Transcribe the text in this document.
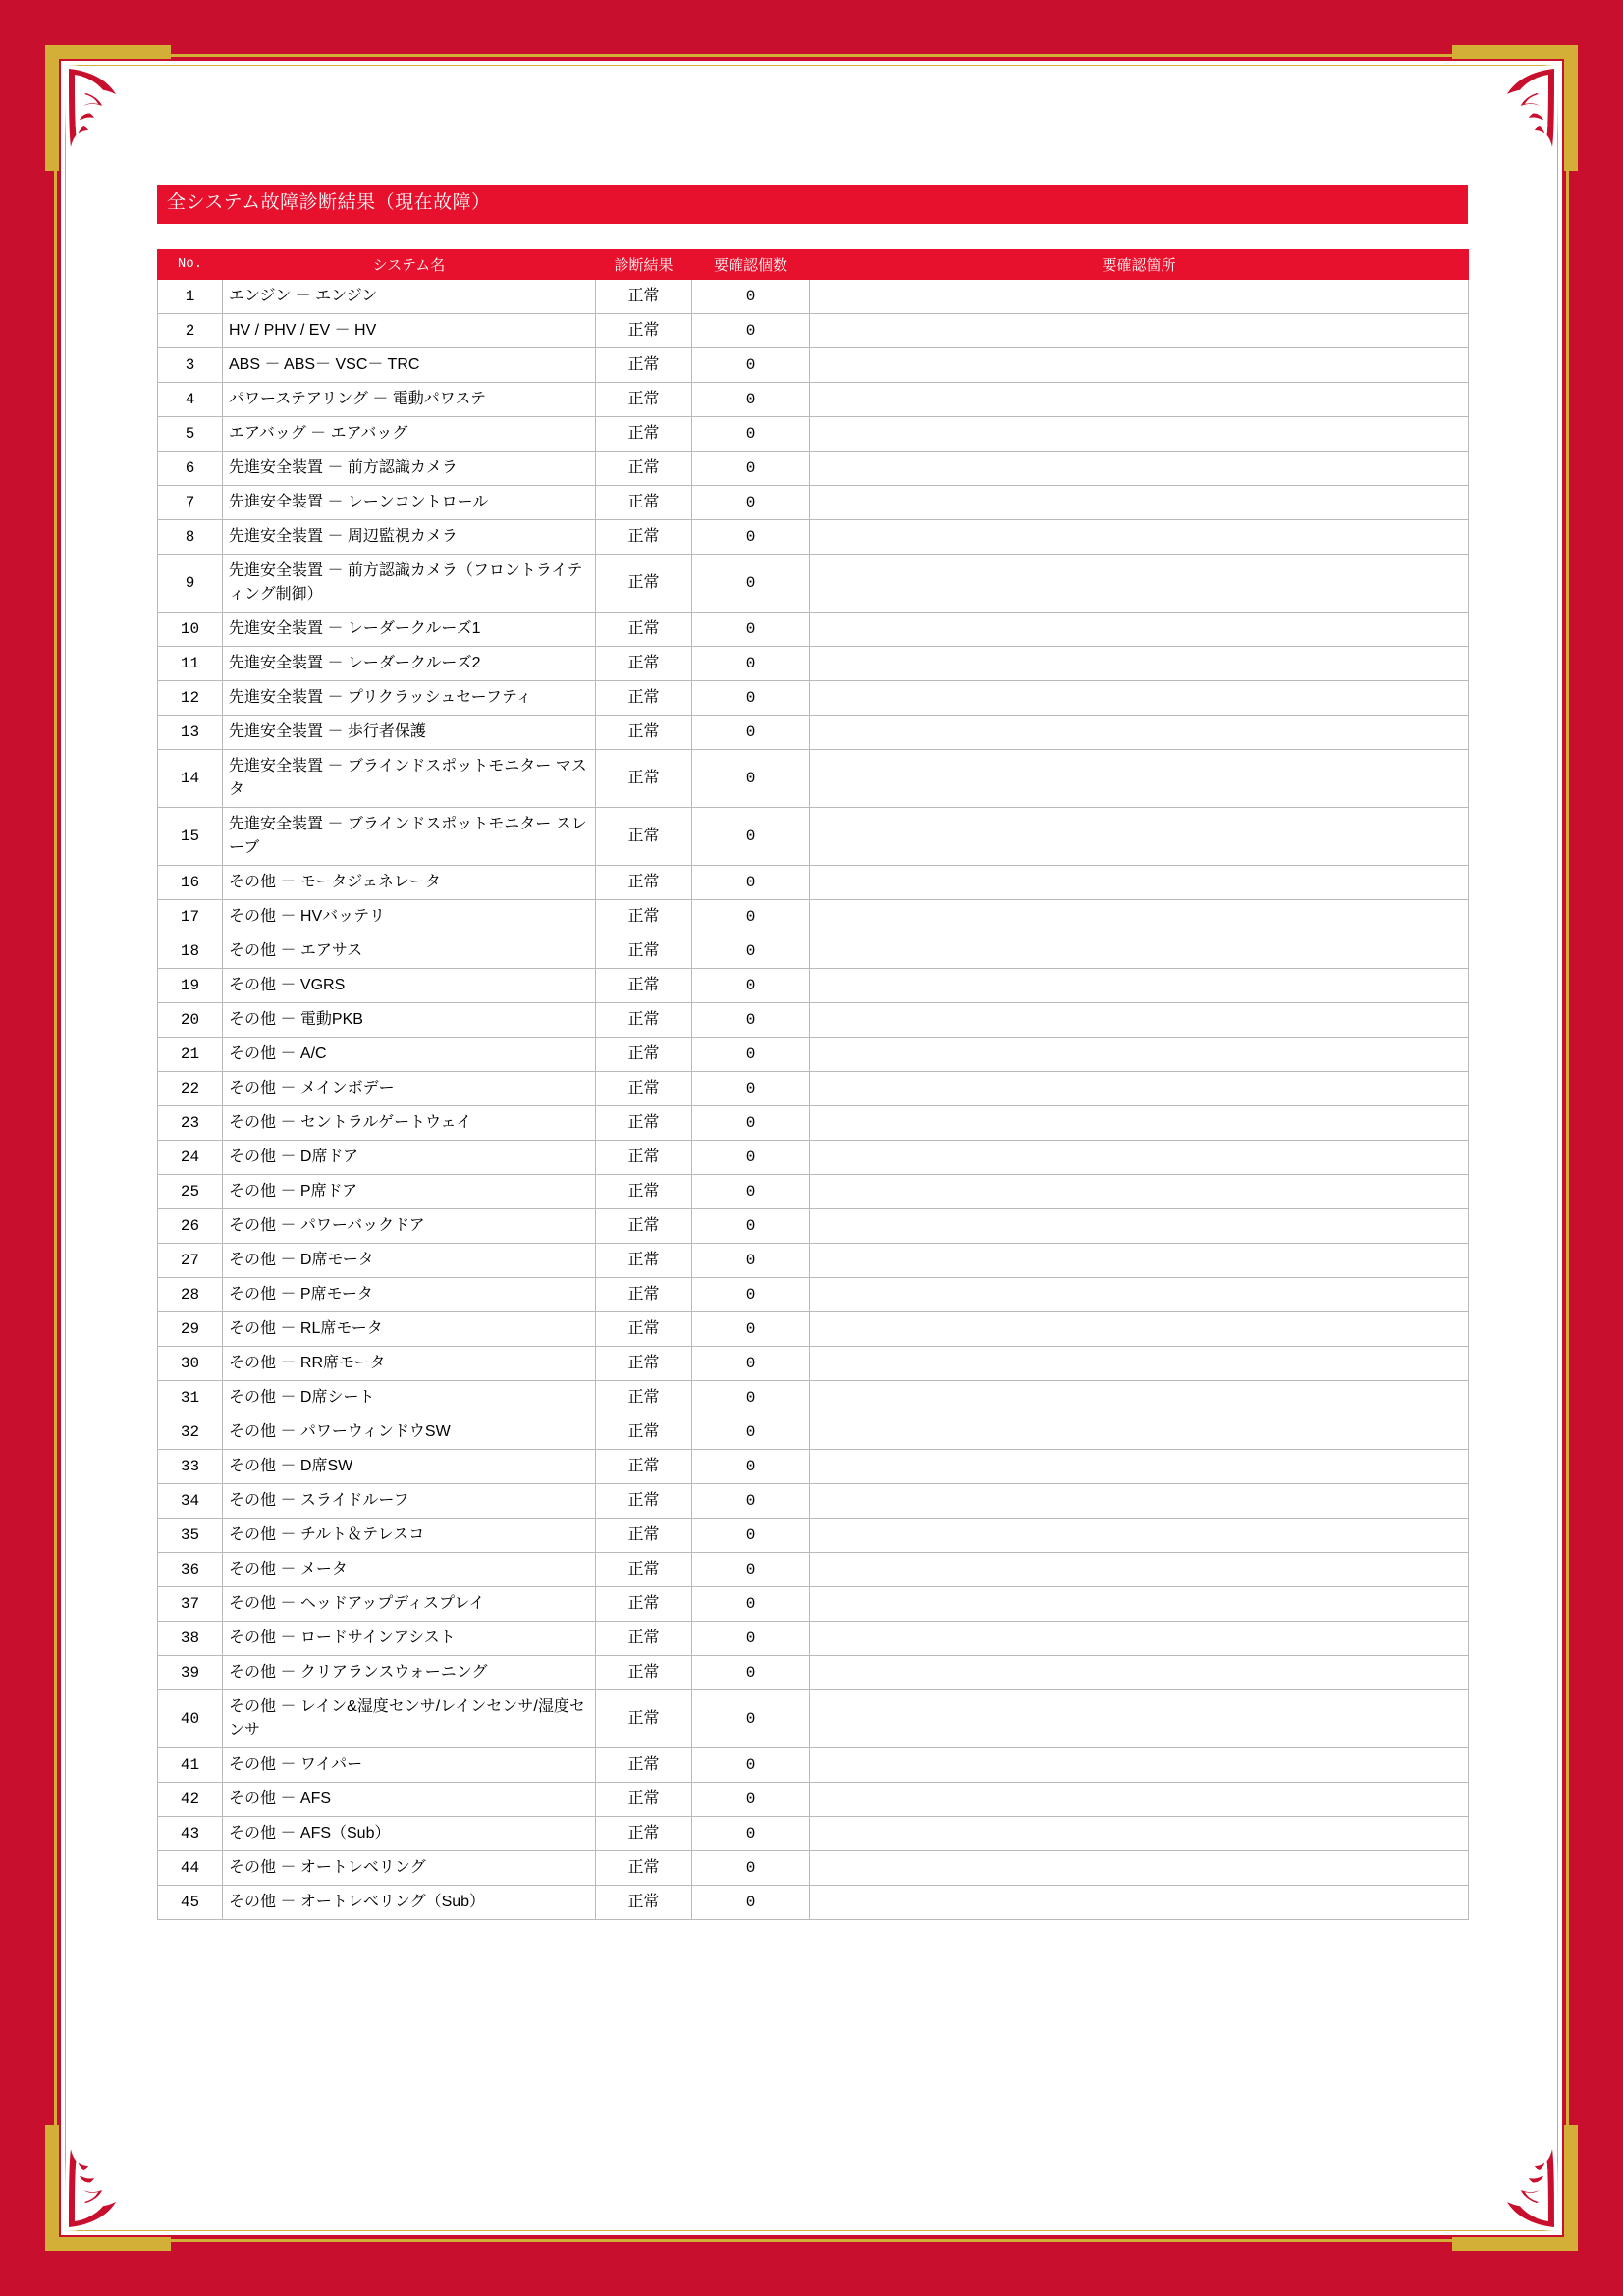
全システム故障診断結果（現在故障）
No.	システム名	診断結果	要確認個数	要確認箇所
1	エンジン － エンジン	正常	0	
2	HV / PHV / EV － HV	正常	0	
3	ABS － ABS－ VSC－ TRC	正常	0	
4	パワーステアリング － 電動パワステ	正常	0	
5	エアバッグ － エアバッグ	正常	0	
6	先進安全装置 － 前方認識カメラ	正常	0	
7	先進安全装置 － レーンコントロール	正常	0	
8	先進安全装置 － 周辺監視カメラ	正常	0	
9	先進安全装置 － 前方認識カメラ（フロントライティング制御）	正常	0	
10	先進安全装置 － レーダークルーズ1	正常	0	
11	先進安全装置 － レーダークルーズ2	正常	0	
12	先進安全装置 － プリクラッシュセーフティ	正常	0	
13	先進安全装置 － 歩行者保護	正常	0	
14	先進安全装置 － ブラインドスポットモニター マスタ	正常	0	
15	先進安全装置 － ブラインドスポットモニター スレーブ	正常	0	
16	その他 － モータジェネレータ	正常	0	
17	その他 － HVバッテリ	正常	0	
18	その他 － エアサス	正常	0	
19	その他 － VGRS	正常	0	
20	その他 － 電動PKB	正常	0	
21	その他 － A/C	正常	0	
22	その他 － メインボデー	正常	0	
23	その他 － セントラルゲートウェイ	正常	0	
24	その他 － D席ドア	正常	0	
25	その他 － P席ドア	正常	0	
26	その他 － パワーバックドア	正常	0	
27	その他 － D席モータ	正常	0	
28	その他 － P席モータ	正常	0	
29	その他 － RL席モータ	正常	0	
30	その他 － RR席モータ	正常	0	
31	その他 － D席シート	正常	0	
32	その他 － パワーウィンドウSW	正常	0	
33	その他 － D席SW	正常	0	
34	その他 － スライドルーフ	正常	0	
35	その他 － チルト＆テレスコ	正常	0	
36	その他 － メータ	正常	0	
37	その他 － ヘッドアップディスプレイ	正常	0	
38	その他 － ロードサインアシスト	正常	0	
39	その他 － クリアランスウォーニング	正常	0	
40	その他 － レイン&湿度センサ/レインセンサ/湿度センサ	正常	0	
41	その他 － ワイパー	正常	0	
42	その他 － AFS	正常	0	
43	その他 － AFS（Sub）	正常	0	
44	その他 － オートレベリング	正常	0	
45	その他 － オートレベリング（Sub）	正常	0	
